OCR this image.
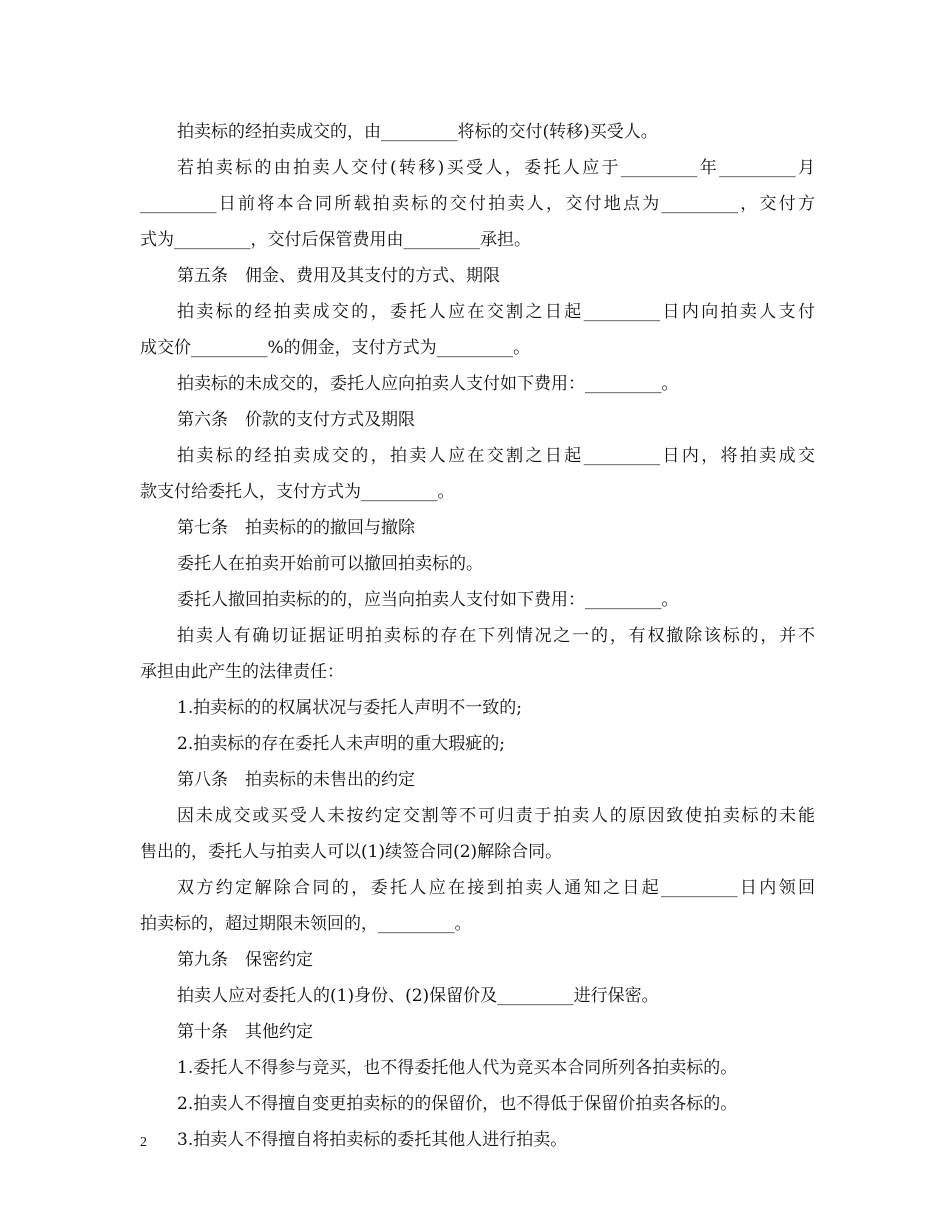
拍卖标的经拍卖成交的，由_________将标的交付(转移)买受人。
若拍卖标的由拍卖人交付(转移)买受人，委托人应于_________年_________月
_________日前将本合同所载拍卖标的交付拍卖人，交付地点为_________，交付方
式为_________，交付后保管费用由_________承担。
第五条　佣金、费用及其支付的方式、期限
拍卖标的经拍卖成交的，委托人应在交割之日起_________日内向拍卖人支付
成交价_________%的佣金，支付方式为_________。
拍卖标的未成交的，委托人应向拍卖人支付如下费用：_________。
第六条　价款的支付方式及期限
拍卖标的经拍卖成交的，拍卖人应在交割之日起_________日内，将拍卖成交
款支付给委托人，支付方式为_________。
第七条　拍卖标的的撤回与撤除
委托人在拍卖开始前可以撤回拍卖标的。
委托人撤回拍卖标的的，应当向拍卖人支付如下费用：_________。
拍卖人有确切证据证明拍卖标的存在下列情况之一的，有权撤除该标的，并不
承担由此产生的法律责任：
1.拍卖标的的权属状况与委托人声明不一致的;
2.拍卖标的存在委托人未声明的重大瑕疵的;
第八条　拍卖标的未售出的约定
因未成交或买受人未按约定交割等不可归责于拍卖人的原因致使拍卖标的未能
售出的，委托人与拍卖人可以(1)续签合同(2)解除合同。
双方约定解除合同的，委托人应在接到拍卖人通知之日起_________日内领回
拍卖标的，超过期限未领回的，_________。
第九条　保密约定
拍卖人应对委托人的(1)身份、(2)保留价及_________进行保密。
第十条　其他约定
1.委托人不得参与竞买，也不得委托他人代为竞买本合同所列各拍卖标的。
2.拍卖人不得擅自变更拍卖标的的保留价，也不得低于保留价拍卖各标的。
3.拍卖人不得擅自将拍卖标的委托其他人进行拍卖。
2
